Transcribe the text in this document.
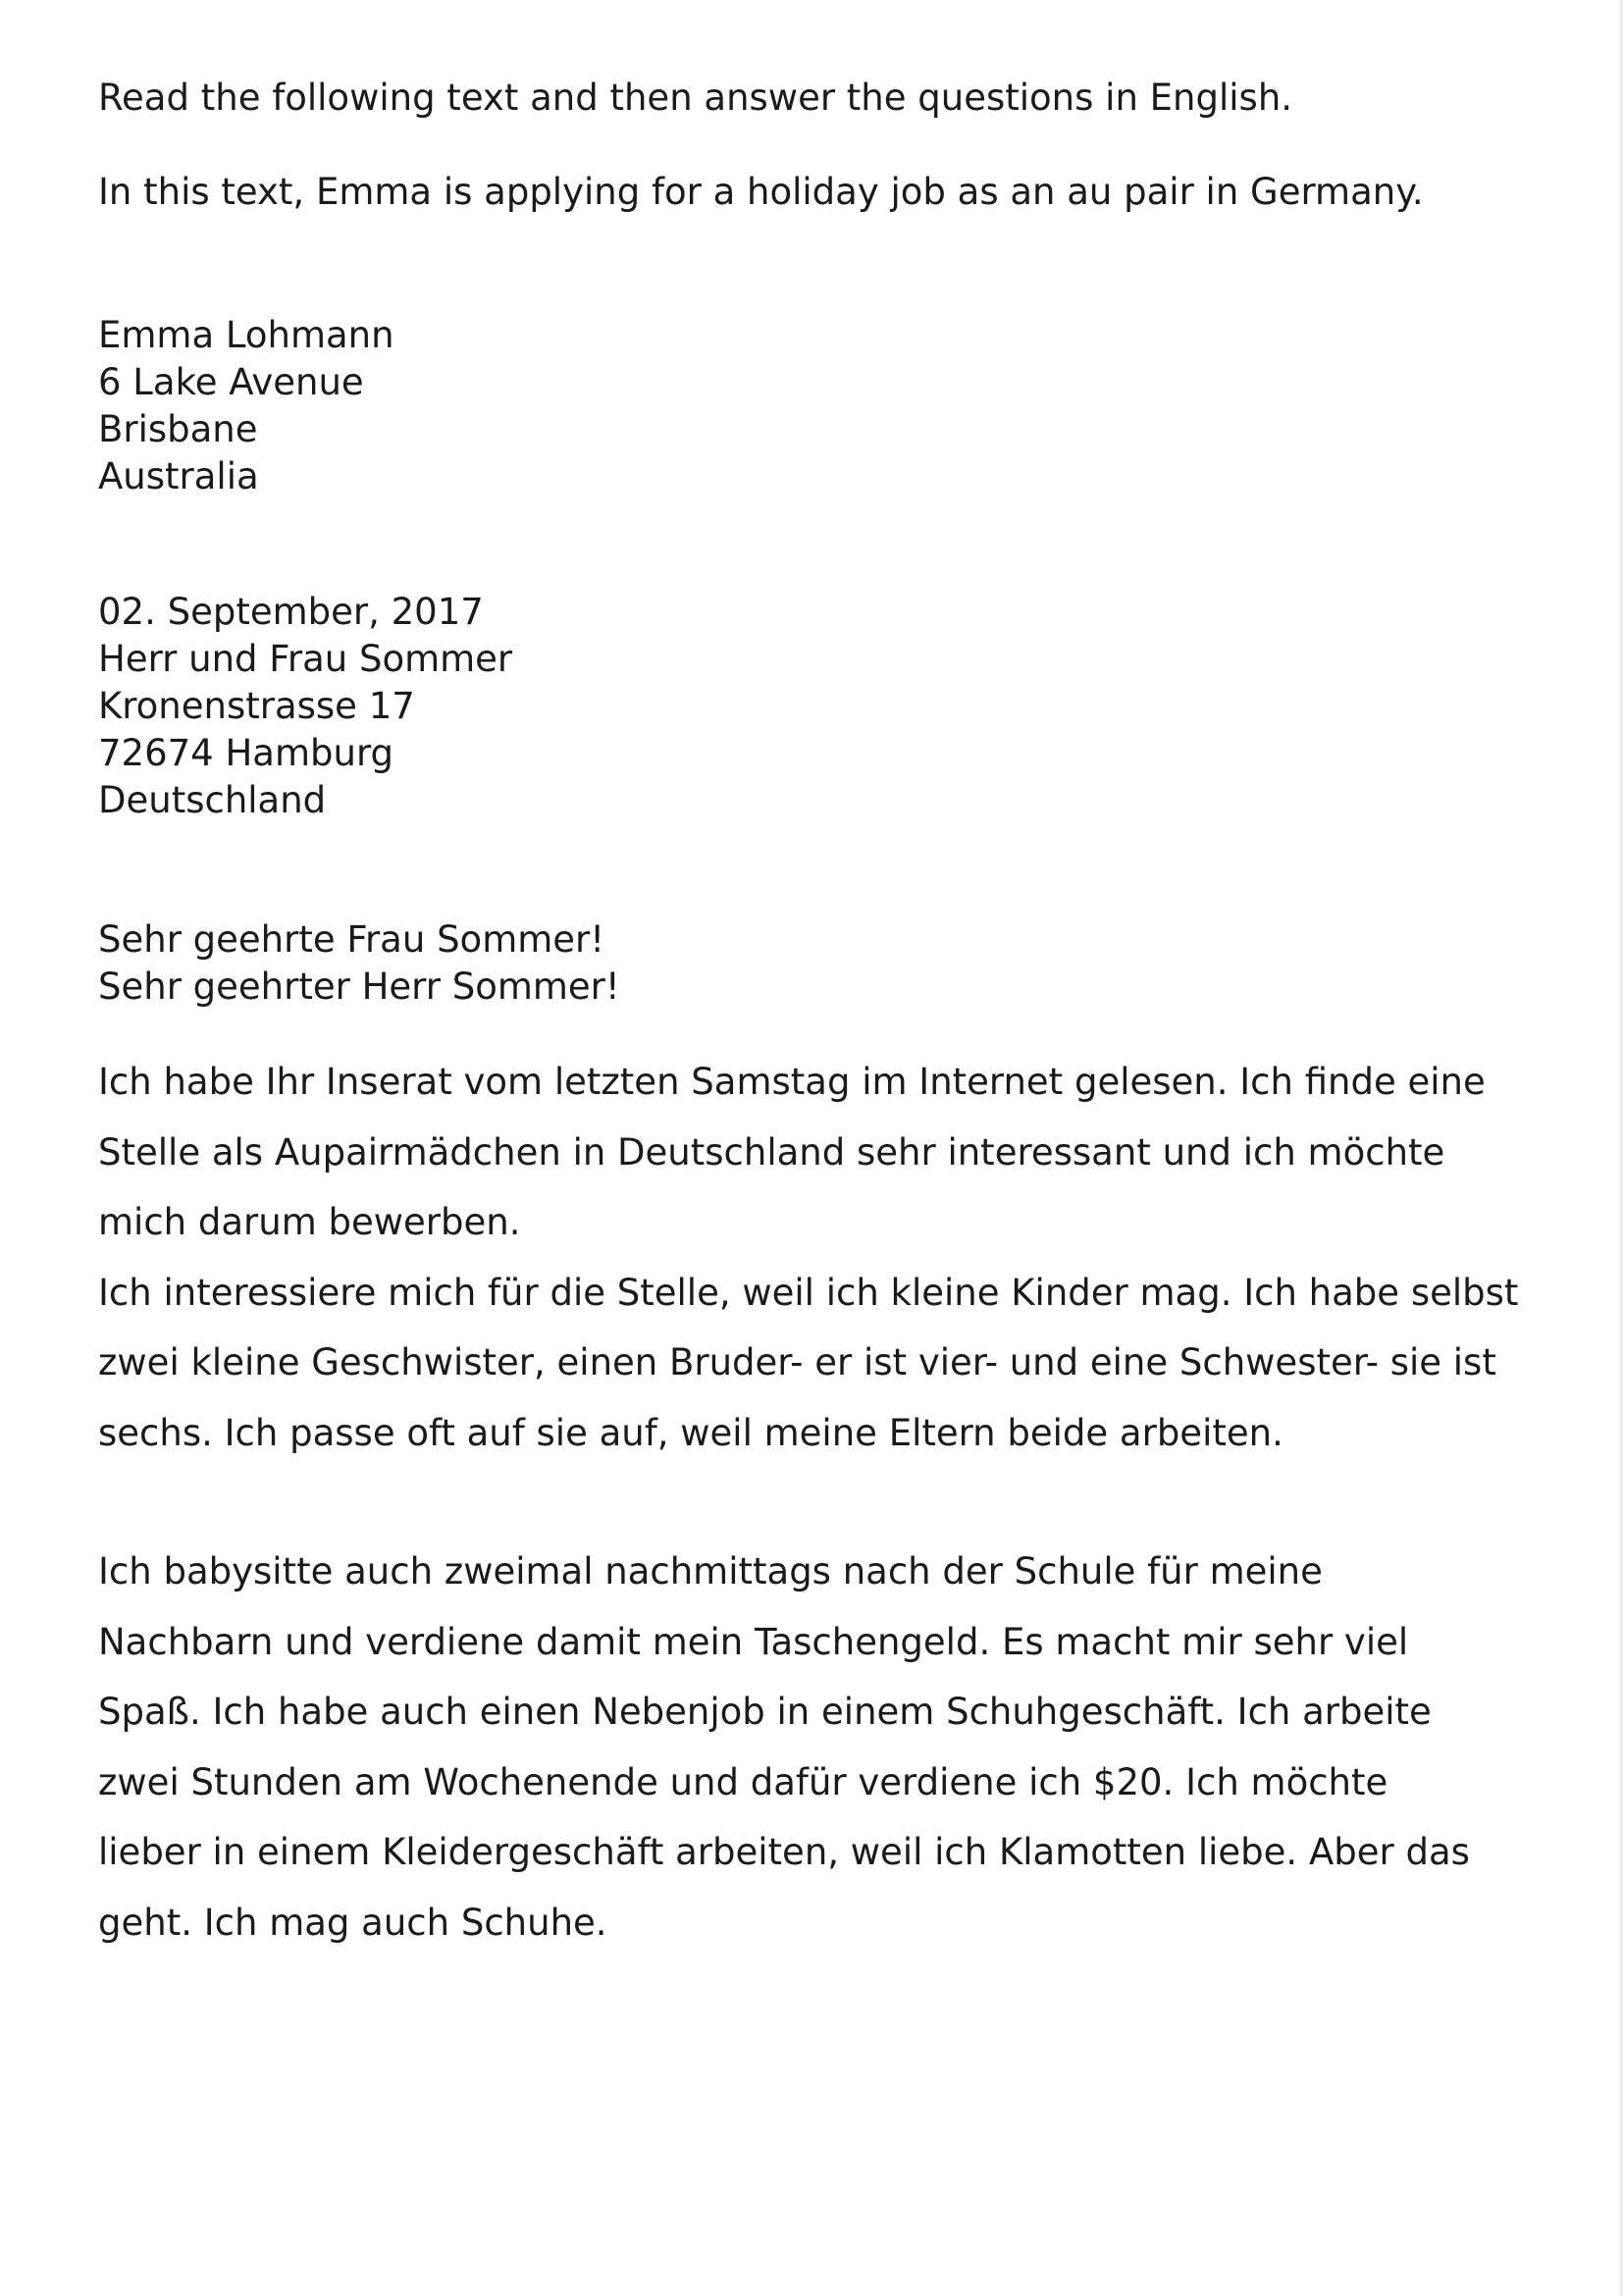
Read the following text and then answer the questions in English.
In this text, Emma is applying for a holiday job as an au pair in Germany.
Emma Lohmann
6 Lake Avenue
Brisbane
Australia
02. September, 2017
Herr und Frau Sommer
Kronenstrasse 17
72674 Hamburg
Deutschland
Sehr geehrte Frau Sommer!
Sehr geehrter Herr Sommer!
Ich habe Ihr Inserat vom letzten Samstag im Internet gelesen. Ich finde eine
Stelle als Aupairmädchen in Deutschland sehr interessant und ich möchte
mich darum bewerben.
Ich interessiere mich für die Stelle, weil ich kleine Kinder mag. Ich habe selbst
zwei kleine Geschwister, einen Bruder- er ist vier- und eine Schwester- sie ist
sechs. Ich passe oft auf sie auf, weil meine Eltern beide arbeiten.
Ich babysitte auch zweimal nachmittags nach der Schule für meine
Nachbarn und verdiene damit mein Taschengeld. Es macht mir sehr viel
Spaß. Ich habe auch einen Nebenjob in einem Schuhgeschäft. Ich arbeite
zwei Stunden am Wochenende und dafür verdiene ich $20. Ich möchte
lieber in einem Kleidergeschäft arbeiten, weil ich Klamotten liebe. Aber das
geht. Ich mag auch Schuhe.
